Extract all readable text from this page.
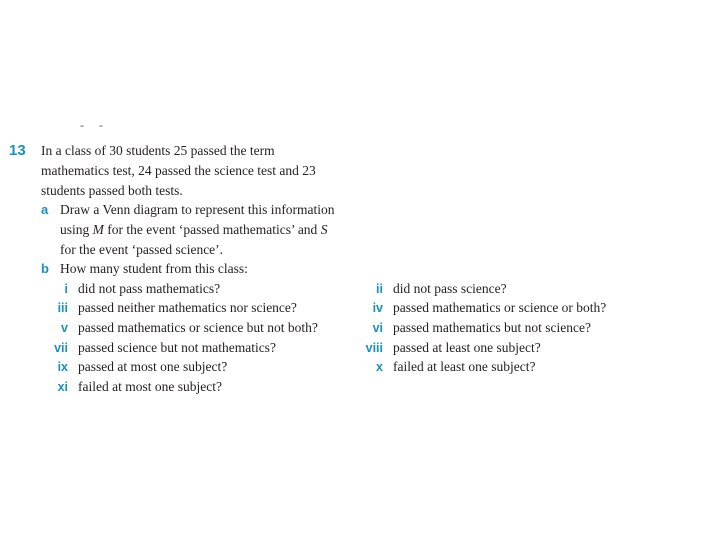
- -
13 In a class of 30 students 25 passed the term
mathematics test, 24 passed the science test and 23
students passed both tests.
a Draw a Venn diagram to represent this information
using M for the event ‘passed mathematics’ and S
for the event ‘passed science’.
b How many student from this class:
i did not pass mathematics?
iii passed neither mathematics nor science?
v passed mathematics or science but not both?
vii passed science but not mathematics?
ix passed at most one subject?
xi failed at most one subject?
ii did not pass science?
iv passed mathematics or science or both?
vi passed mathematics but not science?
viii passed at least one subject?
x failed at least one subject?
